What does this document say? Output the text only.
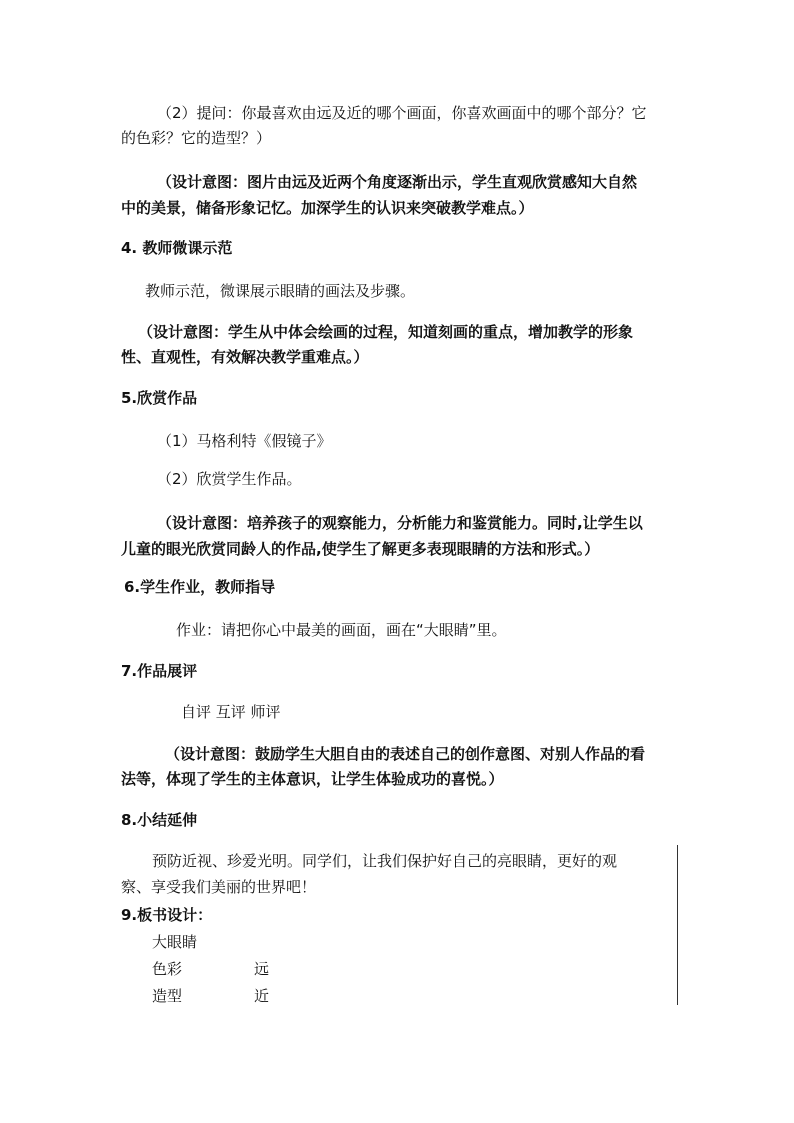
（2）提问：你最喜欢由远及近的哪个画面，你喜欢画面中的哪个部分？它
的色彩？它的造型？）
（设计意图：图片由远及近两个角度逐渐出示，学生直观欣赏感知大自然
中的美景，储备形象记忆。加深学生的认识来突破教学难点。）
4. 教师微课示范
教师示范，微课展示眼睛的画法及步骤。
（设计意图：学生从中体会绘画的过程，知道刻画的重点，增加教学的形象
性、直观性，有效解决教学重难点。）
5.欣赏作品
（1）马格利特《假镜子》
（2）欣赏学生作品。
（设计意图：培养孩子的观察能力，分析能力和鉴赏能力。同时,让学生以
儿童的眼光欣赏同龄人的作品,使学生了解更多表现眼睛的方法和形式。）
6.学生作业，教师指导
作业：请把你心中最美的画面，画在“大眼睛”里。
7.作品展评
自评 互评 师评
（设计意图：鼓励学生大胆自由的表述自己的创作意图、对别人作品的看
法等，体现了学生的主体意识，让学生体验成功的喜悦。）
8.小结延伸
预防近视、珍爱光明。同学们，让我们保护好自己的亮眼睛，更好的观
察、享受我们美丽的世界吧！
9.板书设计：
大眼睛
色彩	远
造型	近
